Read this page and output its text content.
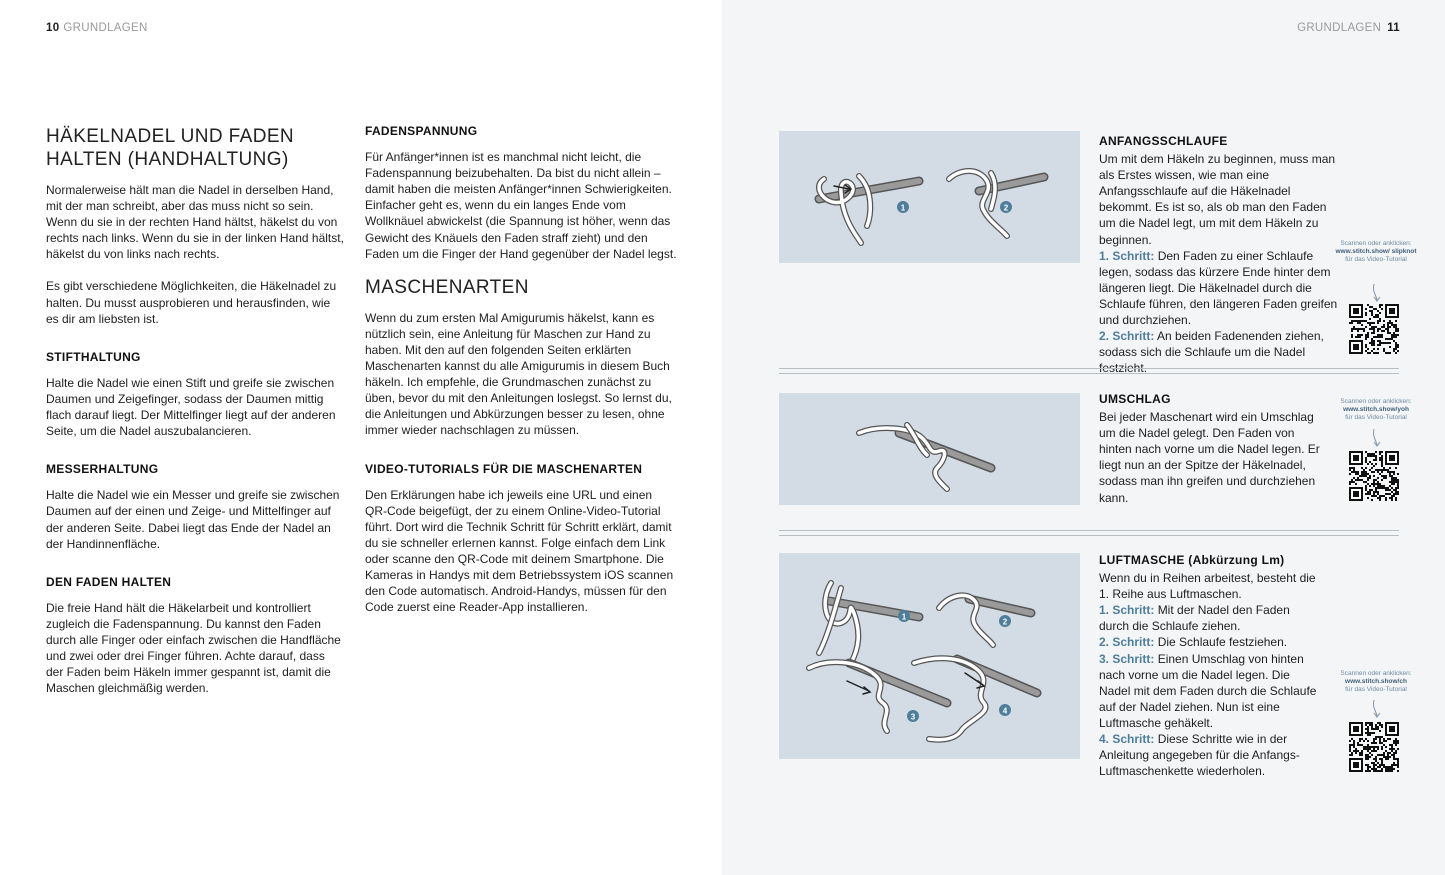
10 GRUNDLAGEN
HÄKELNADEL UND FADEN HALTEN (HANDHALTUNG)

Normalerweise hält man die Nadel in derselben Hand, mit der man schreibt, aber das muss nicht so sein. Wenn du sie in der rechten Hand hältst, häkelst du von rechts nach links. Wenn du sie in der linken Hand hältst, häkelst du von links nach rechts.

Es gibt verschiedene Möglichkeiten, die Häkelnadel zu halten. Du musst ausprobieren und herausfinden, wie es dir am liebsten ist.

STIFTHALTUNG

Halte die Nadel wie einen Stift und greife sie zwischen Daumen und Zeigefinger, sodass der Daumen mittig flach darauf liegt. Der Mittelfinger liegt auf der anderen Seite, um die Nadel auszubalancieren.

MESSERHALTUNG

Halte die Nadel wie ein Messer und greife sie zwischen Daumen auf der einen und Zeige- und Mittelfinger auf der anderen Seite. Dabei liegt das Ende der Nadel an der Handinnenfläche.

DEN FADEN HALTEN

Die freie Hand hält die Häkelarbeit und kontrolliert zugleich die Fadenspannung. Du kannst den Faden durch alle Finger oder einfach zwischen die Handfläche und zwei oder drei Finger führen. Achte darauf, dass der Faden beim Häkeln immer gespannt ist, damit die Maschen gleichmäßig werden.

FADENSPANNUNG

Für Anfänger*innen ist es manchmal nicht leicht, die Fadenspannung beizubehalten. Da bist du nicht allein – damit haben die meisten Anfänger*innen Schwierigkeiten.

Einfacher geht es, wenn du ein langes Ende vom Wollknäuel abwickelst (die Spannung ist höher, wenn das Gewicht des Knäuels den Faden straff zieht) und den Faden um die Finger der Hand gegenüber der Nadel legst.

MASCHENARTEN

Wenn du zum ersten Mal Amigurumis häkelst, kann es nützlich sein, eine Anleitung für Maschen zur Hand zu haben. Mit den auf den folgenden Seiten erklärten Maschenarten kannst du alle Amigurumis in diesem Buch häkeln. Ich empfehle, die Grundmaschen zunächst zu üben, bevor du mit den Anleitungen loslegst. So lernst du, die Anleitungen und Abkürzungen besser zu lesen, ohne immer wieder nachschlagen zu müssen.

VIDEO-TUTORIALS FÜR DIE MASCHENARTEN

Den Erklärungen habe ich jeweils eine URL und einen QR-Code beigefügt, der zu einem Online-Video-Tutorial führt. Dort wird die Technik Schritt für Schritt erklärt, damit du sie schneller erlernen kannst. Folge einfach dem Link oder scanne den QR-Code mit deinem Smartphone. Die Kameras in Handys mit dem Betriebssystem iOS scannen den Code automatisch. Android-Handys, müssen für den Code zuerst eine Reader-App installieren.

GRUNDLAGEN 11
1	2
ANFANGSSCHLAUFE

Um mit dem Häkeln zu beginnen, muss man als Erstes wissen, wie man eine Anfangsschlaufe auf die Häkelnadel bekommt. Es ist so, als ob man den Faden um die Nadel legt, um mit dem Häkeln zu beginnen.

1. Schritt: Den Faden zu einer Schlaufe legen, sodass das kürzere Ende hinter dem längeren liegt. Die Häkelnadel durch die Schlaufe führen, den längeren Faden greifen und durchziehen.

2. Schritt: An beiden Fadenenden ziehen, sodass sich die Schlaufe um die Nadel festzieht.

Scannen oder anklicken:
www.stitch.show/ slipknot
für das Video-Tutorial
UMSCHLAG

Bei jeder Maschenart wird ein Umschlag um die Nadel gelegt. Den Faden von hinten nach vorne um die Nadel legen. Er liegt nun an der Spitze der Häkelnadel, sodass man ihn greifen und durchziehen kann.

Scannen oder anklicken:
www.stitch.show/yoh
für das Video-Tutorial
1
2
3
4
LUFTMASCHE (Abkürzung Lm)

Wenn du in Reihen arbeitest, besteht die 1. Reihe aus Luftmaschen.

1. Schritt: Mit der Nadel den Faden durch die Schlaufe ziehen.

2. Schritt: Die Schlaufe festziehen.

3. Schritt: Einen Umschlag von hinten nach vorne um die Nadel legen. Die Nadel mit dem Faden durch die Schlaufe auf der Nadel ziehen. Nun ist eine Luftmasche gehäkelt.

4. Schritt: Diese Schritte wie in der Anleitung angegeben für die Anfangs-Luftmaschenkette wiederholen.

Scannen oder anklicken:
www.stitch.show/ch
für das Video-Tutorial
